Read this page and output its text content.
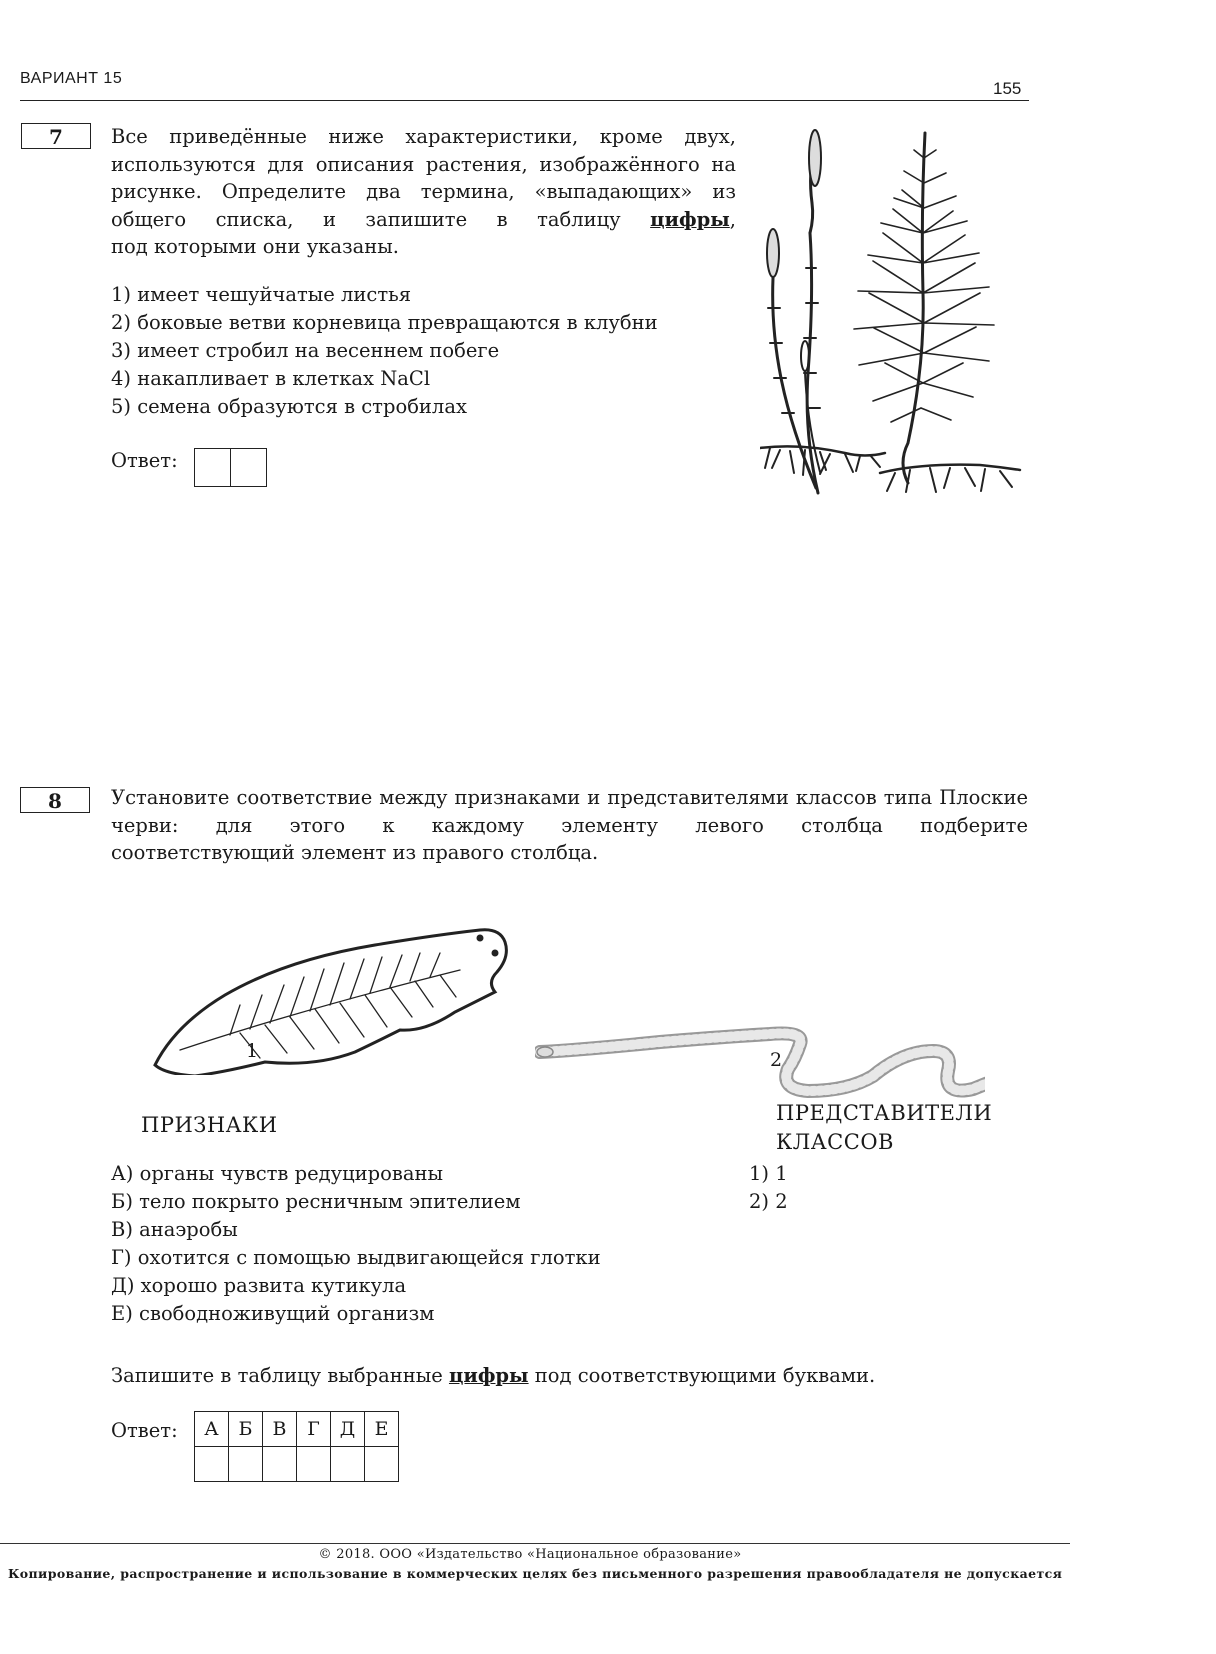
ВАРИАНТ 15
155
7	Все приведённые ниже характеристики, кроме двух, используются для описания растения, изображённого на рисунке. Определите два термина, «выпадающих» из общего списка, и запишите в таблицу цифры,
под которыми они указаны.
1) имеет чешуйчатые листья
2) боковые ветви корневица превращаются в клубни
3) имеет стробил на весеннем побеге
4) накапливает в клетках NaCl
5) семена образуются в стробилах
Ответ:
8	Установите соответствие между признаками и представителями классов типа Плоские черви: для этого к каждому элементу левого столбца подберите
соответствующий элемент из правого столбца.
1	2
ПРИЗНАКИ	ПРЕДСТАВИТЕЛИ
КЛАССОВ
А) органы чувств редуцированы
Б) тело покрыто ресничным эпителием
В) анаэробы
Г) охотится с помощью выдвигающейся глотки
Д) хорошо развита кутикула
Е) свободноживущий организм
1) 1
2) 2
Запишите в таблицу выбранные цифры под соответствующими буквами.
Ответ: А	Б	В	Г	Д	Е

© 2018. ООО «Издательство «Национальное образование»
Копирование, распространение и использование в коммерческих целях без письменного разрешения правообладателя не допускается
